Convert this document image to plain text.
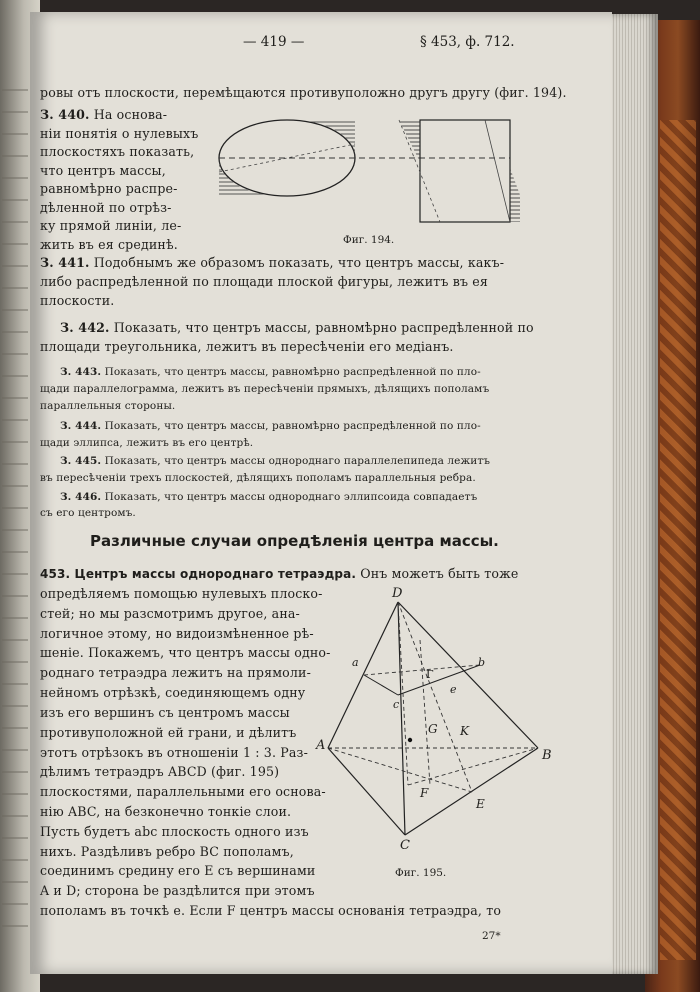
— 419 —	§ 453, ф. 712.
ровы отъ плоскости, перемѣщаются противуположно другъ другу (фиг. 194).
З. 440. На основа-
ніи понятія о нулевыхъ
плоскостяхъ показать,
что центръ массы,
равномѣрно распре-
дѣленной по отрѣз-
ку прямой линіи, ле-
жить въ ея срединѣ.	Фиг. 194.
З. 441. Подобнымъ же образомъ показать, что центръ массы, какъ-
либо распредѣленной по площади плоской фигуры, лежитъ въ ея
плоскости.
З. 442. Показать, что центръ массы, равномѣрно распредѣленной по
площади треугольника, лежитъ въ пересѣченіи его медіанъ.
З. 443. Показать, что центръ массы, равномѣрно распредѣленной по пло-
щади параллелограмма, лежитъ въ пересѣченіи прямыхъ, дѣлящихъ пополамъ
параллельныя стороны.
З. 444. Показать, что центръ массы, равномѣрно распредѣленной по пло-
щади эллипса, лежитъ въ его центрѣ.
З. 445. Показать, что центръ массы однороднаго параллелепипеда лежитъ
въ пересѣченіи трехъ плоскостей, дѣлящихъ пополамъ параллельныя ребра.
З. 446. Показать, что центръ массы однороднаго эллипсоида совпадаетъ
съ его центромъ.
Различные случаи опредѣленія центра массы.
453. Центръ массы однороднаго тетраэдра. Онъ можетъ быть тоже
опредѣляемъ помощью нулевыхъ плоско-
стей; но мы разсмотримъ другое, ана-
логичное этому, но видоизмѣненное рѣ-
шеніе. Покажемъ, что центръ массы одно-
роднаго тетраэдра лежитъ на прямоли-
нейномъ отрѣзкѣ, соединяющемъ одну
изъ его вершинъ съ центромъ массы
противуположной ей грани, и дѣлитъ
этотъ отрѣзокъ въ отношеніи 1 : 3. Раз-
дѣлимъ тетраэдръ ABCD (фиг. 195)
плоскостями, параллельными его основа-
нію ABC, на безконечно тонкіе слои.
Пусть будетъ abc плоскость одного изъ
нихъ. Раздѣливъ ребро BC пополамъ,
соединимъ средину его E съ вершинами
A и D; сторона be раздѣлится при этомъ
пополамъ въ точкѣ e. Если F центръ массы основанія тетраэдра, то
D
A
B
C
E
F
G K
a	b
c
e
Γ
Фиг. 195.
27*
